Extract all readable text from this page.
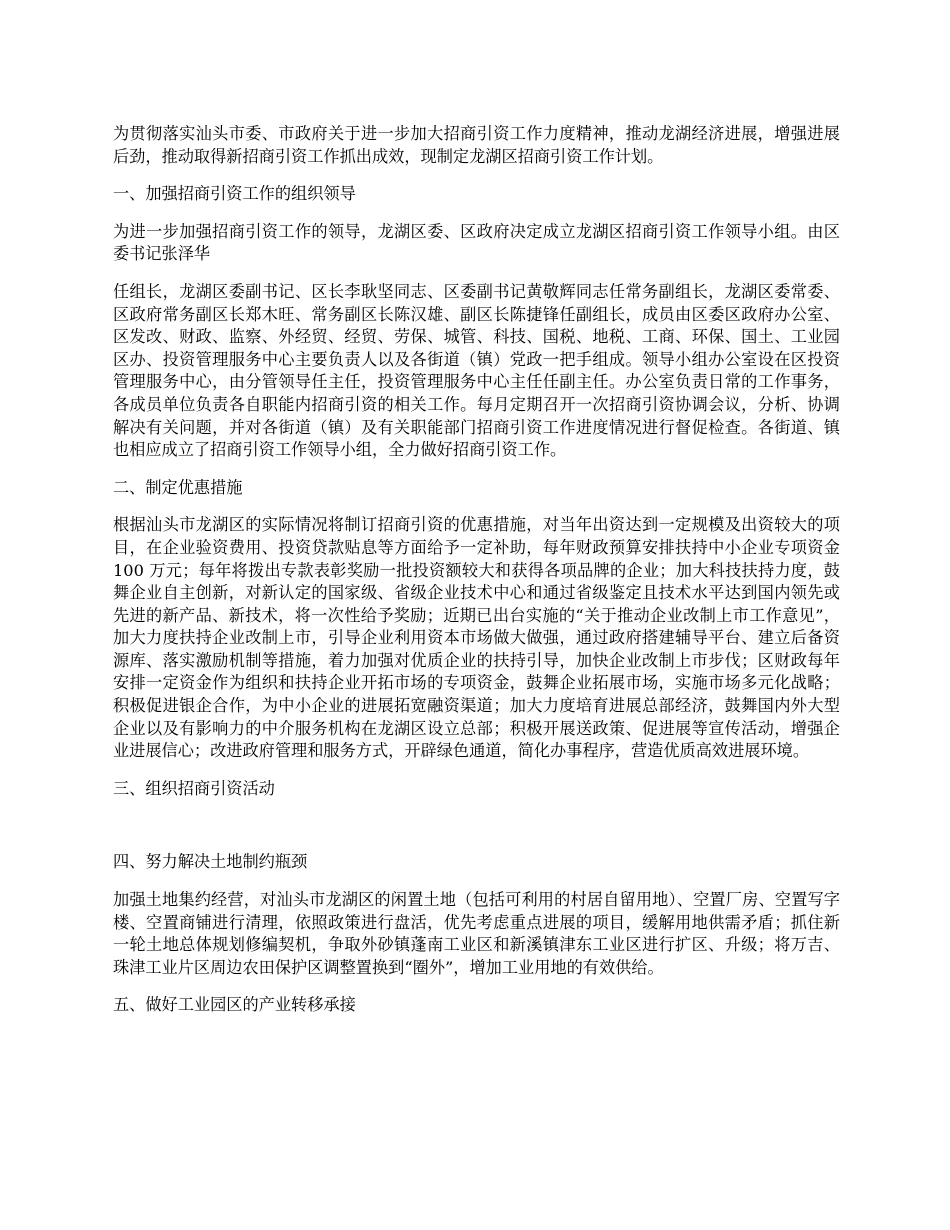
为贯彻落实汕头市委、市政府关于进一步加大招商引资工作力度精神，推动龙湖经济进展，增强进展后劲，推动取得新招商引资工作抓出成效，现制定龙湖区招商引资工作计划。

一、加强招商引资工作的组织领导

为进一步加强招商引资工作的领导，龙湖区委、区政府决定成立龙湖区招商引资工作领导小组。由区委书记张泽华

任组长，龙湖区委副书记、区长李耿坚同志、区委副书记黄敬辉同志任常务副组长，龙湖区委常委、区政府常务副区长郑木旺、常务副区长陈汉雄、副区长陈捷锋任副组长，成员由区委区政府办公室、区发改、财政、监察、外经贸、经贸、劳保、城管、科技、国税、地税、工商、环保、国土、工业园区办、投资管理服务中心主要负责人以及各街道（镇）党政一把手组成。领导小组办公室设在区投资管理服务中心，由分管领导任主任，投资管理服务中心主任任副主任。办公室负责日常的工作事务，各成员单位负责各自职能内招商引资的相关工作。每月定期召开一次招商引资协调会议，分析、协调解决有关问题，并对各街道（镇）及有关职能部门招商引资工作进度情况进行督促检查。各街道、镇也相应成立了招商引资工作领导小组，全力做好招商引资工作。

二、制定优惠措施

根据汕头市龙湖区的实际情况将制订招商引资的优惠措施，对当年出资达到一定规模及出资较大的项目，在企业验资费用、投资贷款贴息等方面给予一定补助，每年财政预算安排扶持中小企业专项资金 100 万元；每年将拨出专款表彰奖励一批投资额较大和获得各项品牌的企业；加大科技扶持力度，鼓舞企业自主创新，对新认定的国家级、省级企业技术中心和通过省级鉴定且技术水平达到国内领先或先进的新产品、新技术，将一次性给予奖励；近期已出台实施的“关于推动企业改制上市工作意见”，加大力度扶持企业改制上市，引导企业利用资本市场做大做强，通过政府搭建辅导平台、建立后备资源库、落实激励机制等措施，着力加强对优质企业的扶持引导，加快企业改制上市步伐；区财政每年安排一定资金作为组织和扶持企业开拓市场的专项资金，鼓舞企业拓展市场，实施市场多元化战略；积极促进银企合作，为中小企业的进展拓宽融资渠道；加大力度培育进展总部经济，鼓舞国内外大型企业以及有影响力的中介服务机构在龙湖区设立总部；积极开展送政策、促进展等宣传活动，增强企业进展信心；改进政府管理和服务方式，开辟绿色通道，简化办事程序，营造优质高效进展环境。

三、组织招商引资活动

四、努力解决土地制约瓶颈

加强土地集约经营，对汕头市龙湖区的闲置土地（包括可利用的村居自留用地）、空置厂房、空置写字楼、空置商铺进行清理，依照政策进行盘活，优先考虑重点进展的项目，缓解用地供需矛盾；抓住新一轮土地总体规划修编契机，争取外砂镇蓬南工业区和新溪镇津东工业区进行扩区、升级；将万吉、珠津工业片区周边农田保护区调整置换到“圈外”，增加工业用地的有效供给。

五、做好工业园区的产业转移承接
